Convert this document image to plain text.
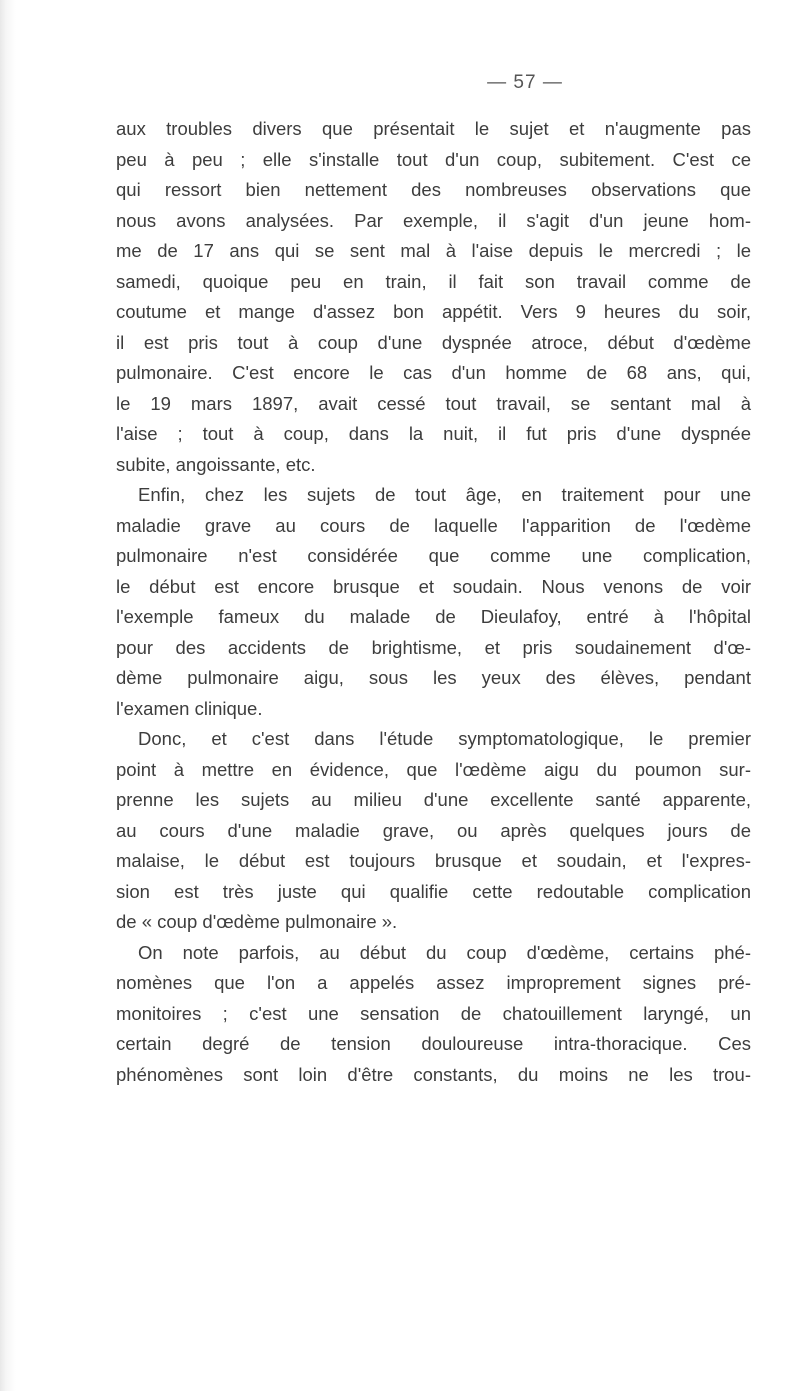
— 57 —
aux troubles divers que présentait le sujet et n'augmente pas
peu à peu ; elle s'installe tout d'un coup, subitement. C'est ce
qui ressort bien nettement des nombreuses observations que
nous avons analysées. Par exemple, il s'agit d'un jeune hom-
me de 17 ans qui se sent mal à l'aise depuis le mercredi ; le
samedi, quoique peu en train, il fait son travail comme de
coutume et mange d'assez bon appétit. Vers 9 heures du soir,
il est pris tout à coup d'une dyspnée atroce, début d'œdème
pulmonaire. C'est encore le cas d'un homme de 68 ans, qui,
le 19 mars 1897, avait cessé tout travail, se sentant mal à
l'aise ; tout à coup, dans la nuit, il fut pris d'une dyspnée
subite, angoissante, etc.
Enfin, chez les sujets de tout âge, en traitement pour une
maladie grave au cours de laquelle l'apparition de l'œdème
pulmonaire n'est considérée que comme une complication,
le début est encore brusque et soudain. Nous venons de voir
l'exemple fameux du malade de Dieulafoy, entré à l'hôpital
pour des accidents de brightisme, et pris soudainement d'œ-
dème pulmonaire aigu, sous les yeux des élèves, pendant
l'examen clinique.
Donc, et c'est dans l'étude symptomatologique, le premier
point à mettre en évidence, que l'œdème aigu du poumon sur-
prenne les sujets au milieu d'une excellente santé apparente,
au cours d'une maladie grave, ou après quelques jours de
malaise, le début est toujours brusque et soudain, et l'expres-
sion est très juste qui qualifie cette redoutable complication
de « coup d'œdème pulmonaire ».
On note parfois, au début du coup d'œdème, certains phé-
nomènes que l'on a appelés assez improprement signes pré-
monitoires ; c'est une sensation de chatouillement laryngé, un
certain degré de tension douloureuse intra-thoracique. Ces
phénomènes sont loin d'être constants, du moins ne les trou-
